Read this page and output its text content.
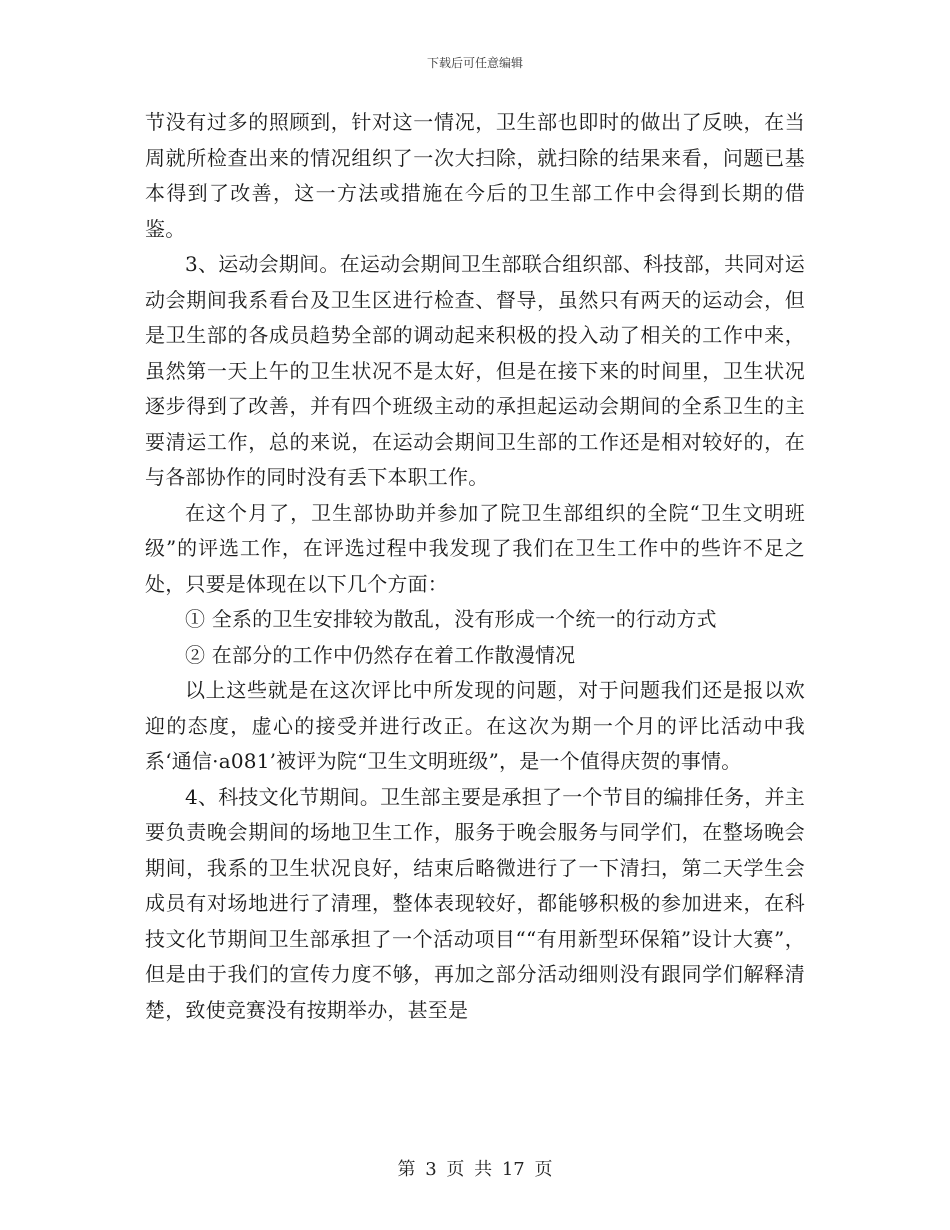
下载后可任意编辑

节没有过多的照顾到，针对这一情况，卫生部也即时的做出了反映，在当周就所检查出来的情况组织了一次大扫除，就扫除的结果来看，问题已基本得到了改善，这一方法或措施在今后的卫生部工作中会得到长期的借鉴。

3、运动会期间。在运动会期间卫生部联合组织部、科技部，共同对运动会期间我系看台及卫生区进行检查、督导，虽然只有两天的运动会，但是卫生部的各成员趋势全部的调动起来积极的投入动了相关的工作中来，虽然第一天上午的卫生状况不是太好，但是在接下来的时间里，卫生状况逐步得到了改善，并有四个班级主动的承担起运动会期间的全系卫生的主要清运工作，总的来说，在运动会期间卫生部的工作还是相对较好的，在与各部协作的同时没有丢下本职工作。

在这个月了，卫生部协助并参加了院卫生部组织的全院“卫生文明班级”的评选工作，在评选过程中我发现了我们在卫生工作中的些许不足之处，只要是体现在以下几个方面：

① 全系的卫生安排较为散乱，没有形成一个统一的行动方式

② 在部分的工作中仍然存在着工作散漫情况

以上这些就是在这次评比中所发现的问题，对于问题我们还是报以欢迎的态度，虚心的接受并进行改正。在这次为期一个月的评比活动中我系‘通信·a081’被评为院“卫生文明班级”，是一个值得庆贺的事情。

4、科技文化节期间。卫生部主要是承担了一个节目的编排任务，并主要负责晚会期间的场地卫生工作，服务于晚会服务与同学们，在整场晚会期间，我系的卫生状况良好，结束后略微进行了一下清扫，第二天学生会成员有对场地进行了清理，整体表现较好，都能够积极的参加进来，在科技文化节期间卫生部承担了一个活动项目““有用新型环保箱”设计大赛”，但是由于我们的宣传力度不够，再加之部分活动细则没有跟同学们解释清楚，致使竞赛没有按期举办，甚至是

第 3 页 共 17 页
